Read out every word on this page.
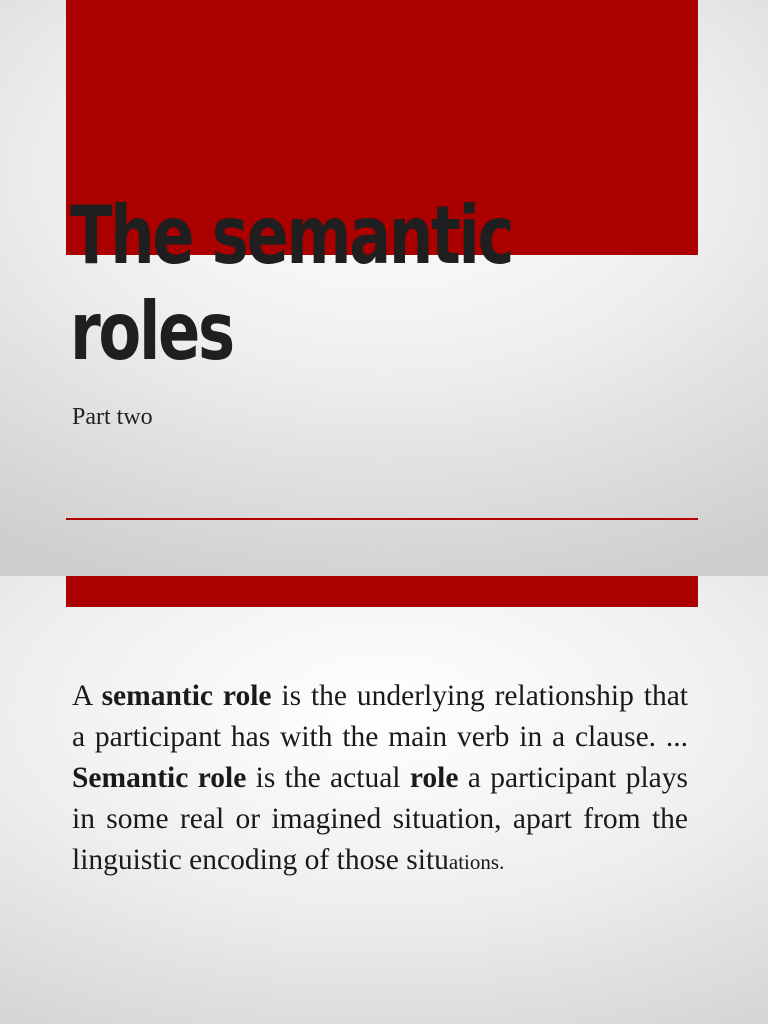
The semantic
roles
Part two

A semantic role is the underlying relationship that a participant has with the main verb in a clause. ... Semantic role is the actual role a participant plays in some real or imagined situation, apart from the linguistic encoding of those situations.
